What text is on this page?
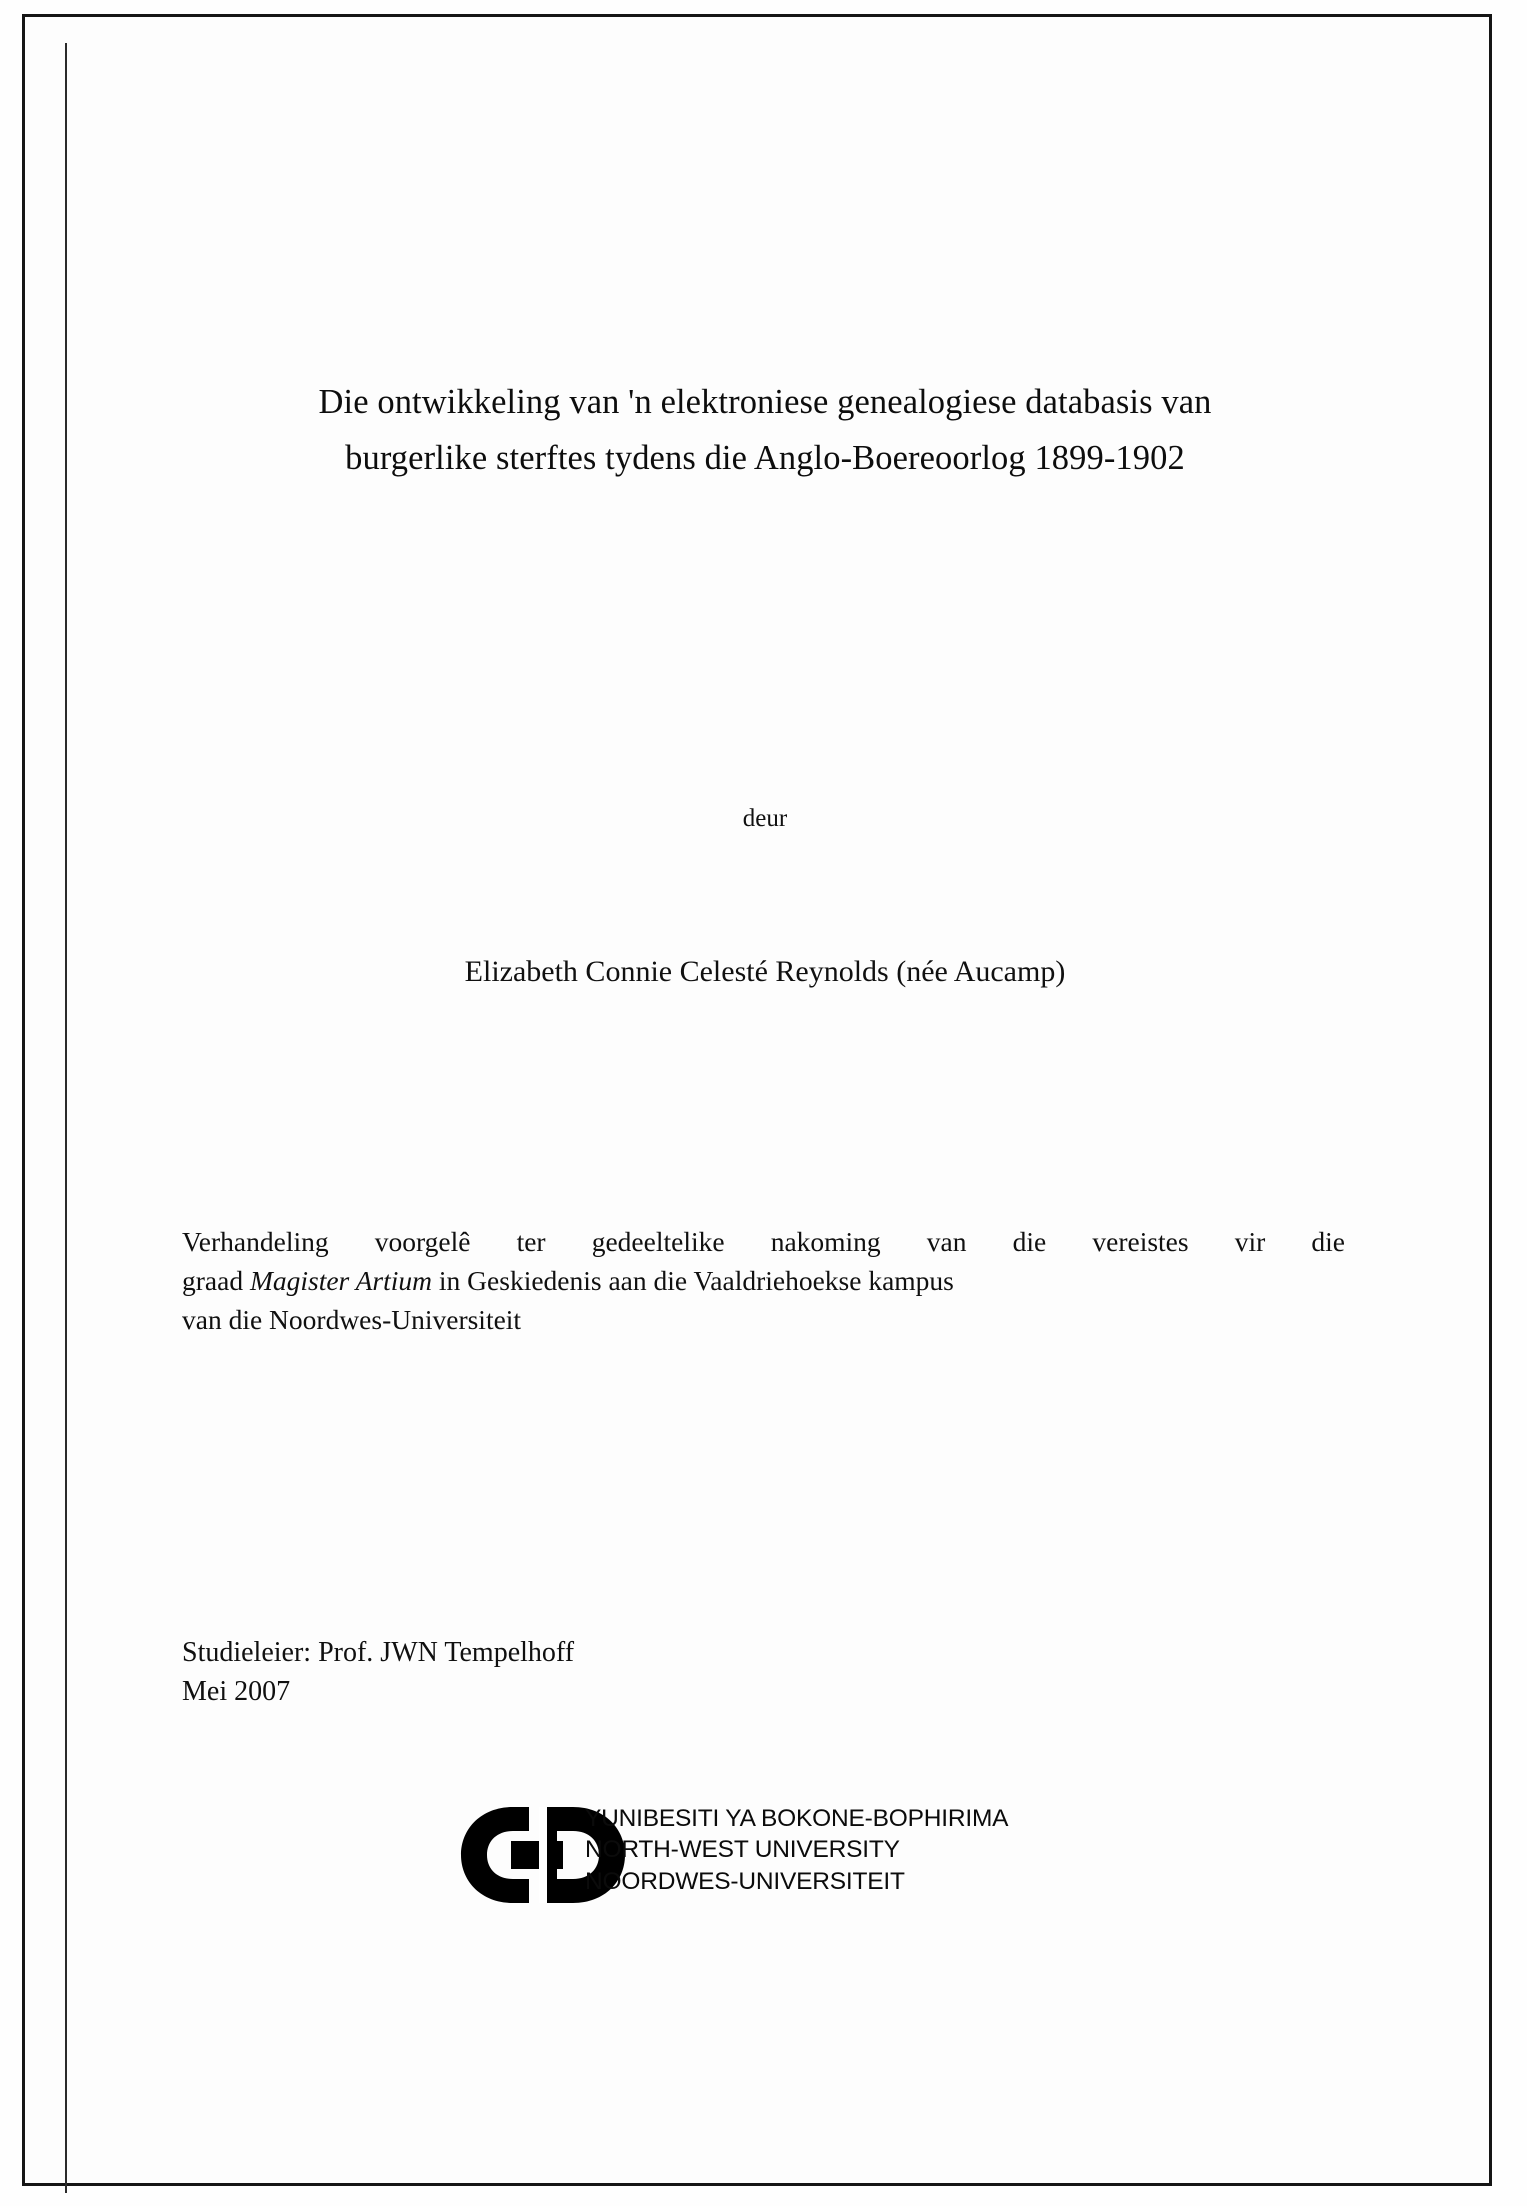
Die ontwikkeling van 'n elektroniese genealogiese databasis van
burgerlike sterftes tydens die Anglo-Boereoorlog 1899-1902
deur
Elizabeth Connie Celesté Reynolds (née Aucamp)

Verhandeling voorgelê ter gedeeltelike nakoming van die vereistes vir die

graad Magister Artium in Geskiedenis aan die Vaaldriehoekse kampus

van die Noordwes-Universiteit

Studieleier: Prof. JWN Tempelhoff

Mei 2007

YUNIBESITI YA BOKONE-BOPHIRIMA
NORTH-WEST UNIVERSITY
NOORDWES-UNIVERSITEIT
